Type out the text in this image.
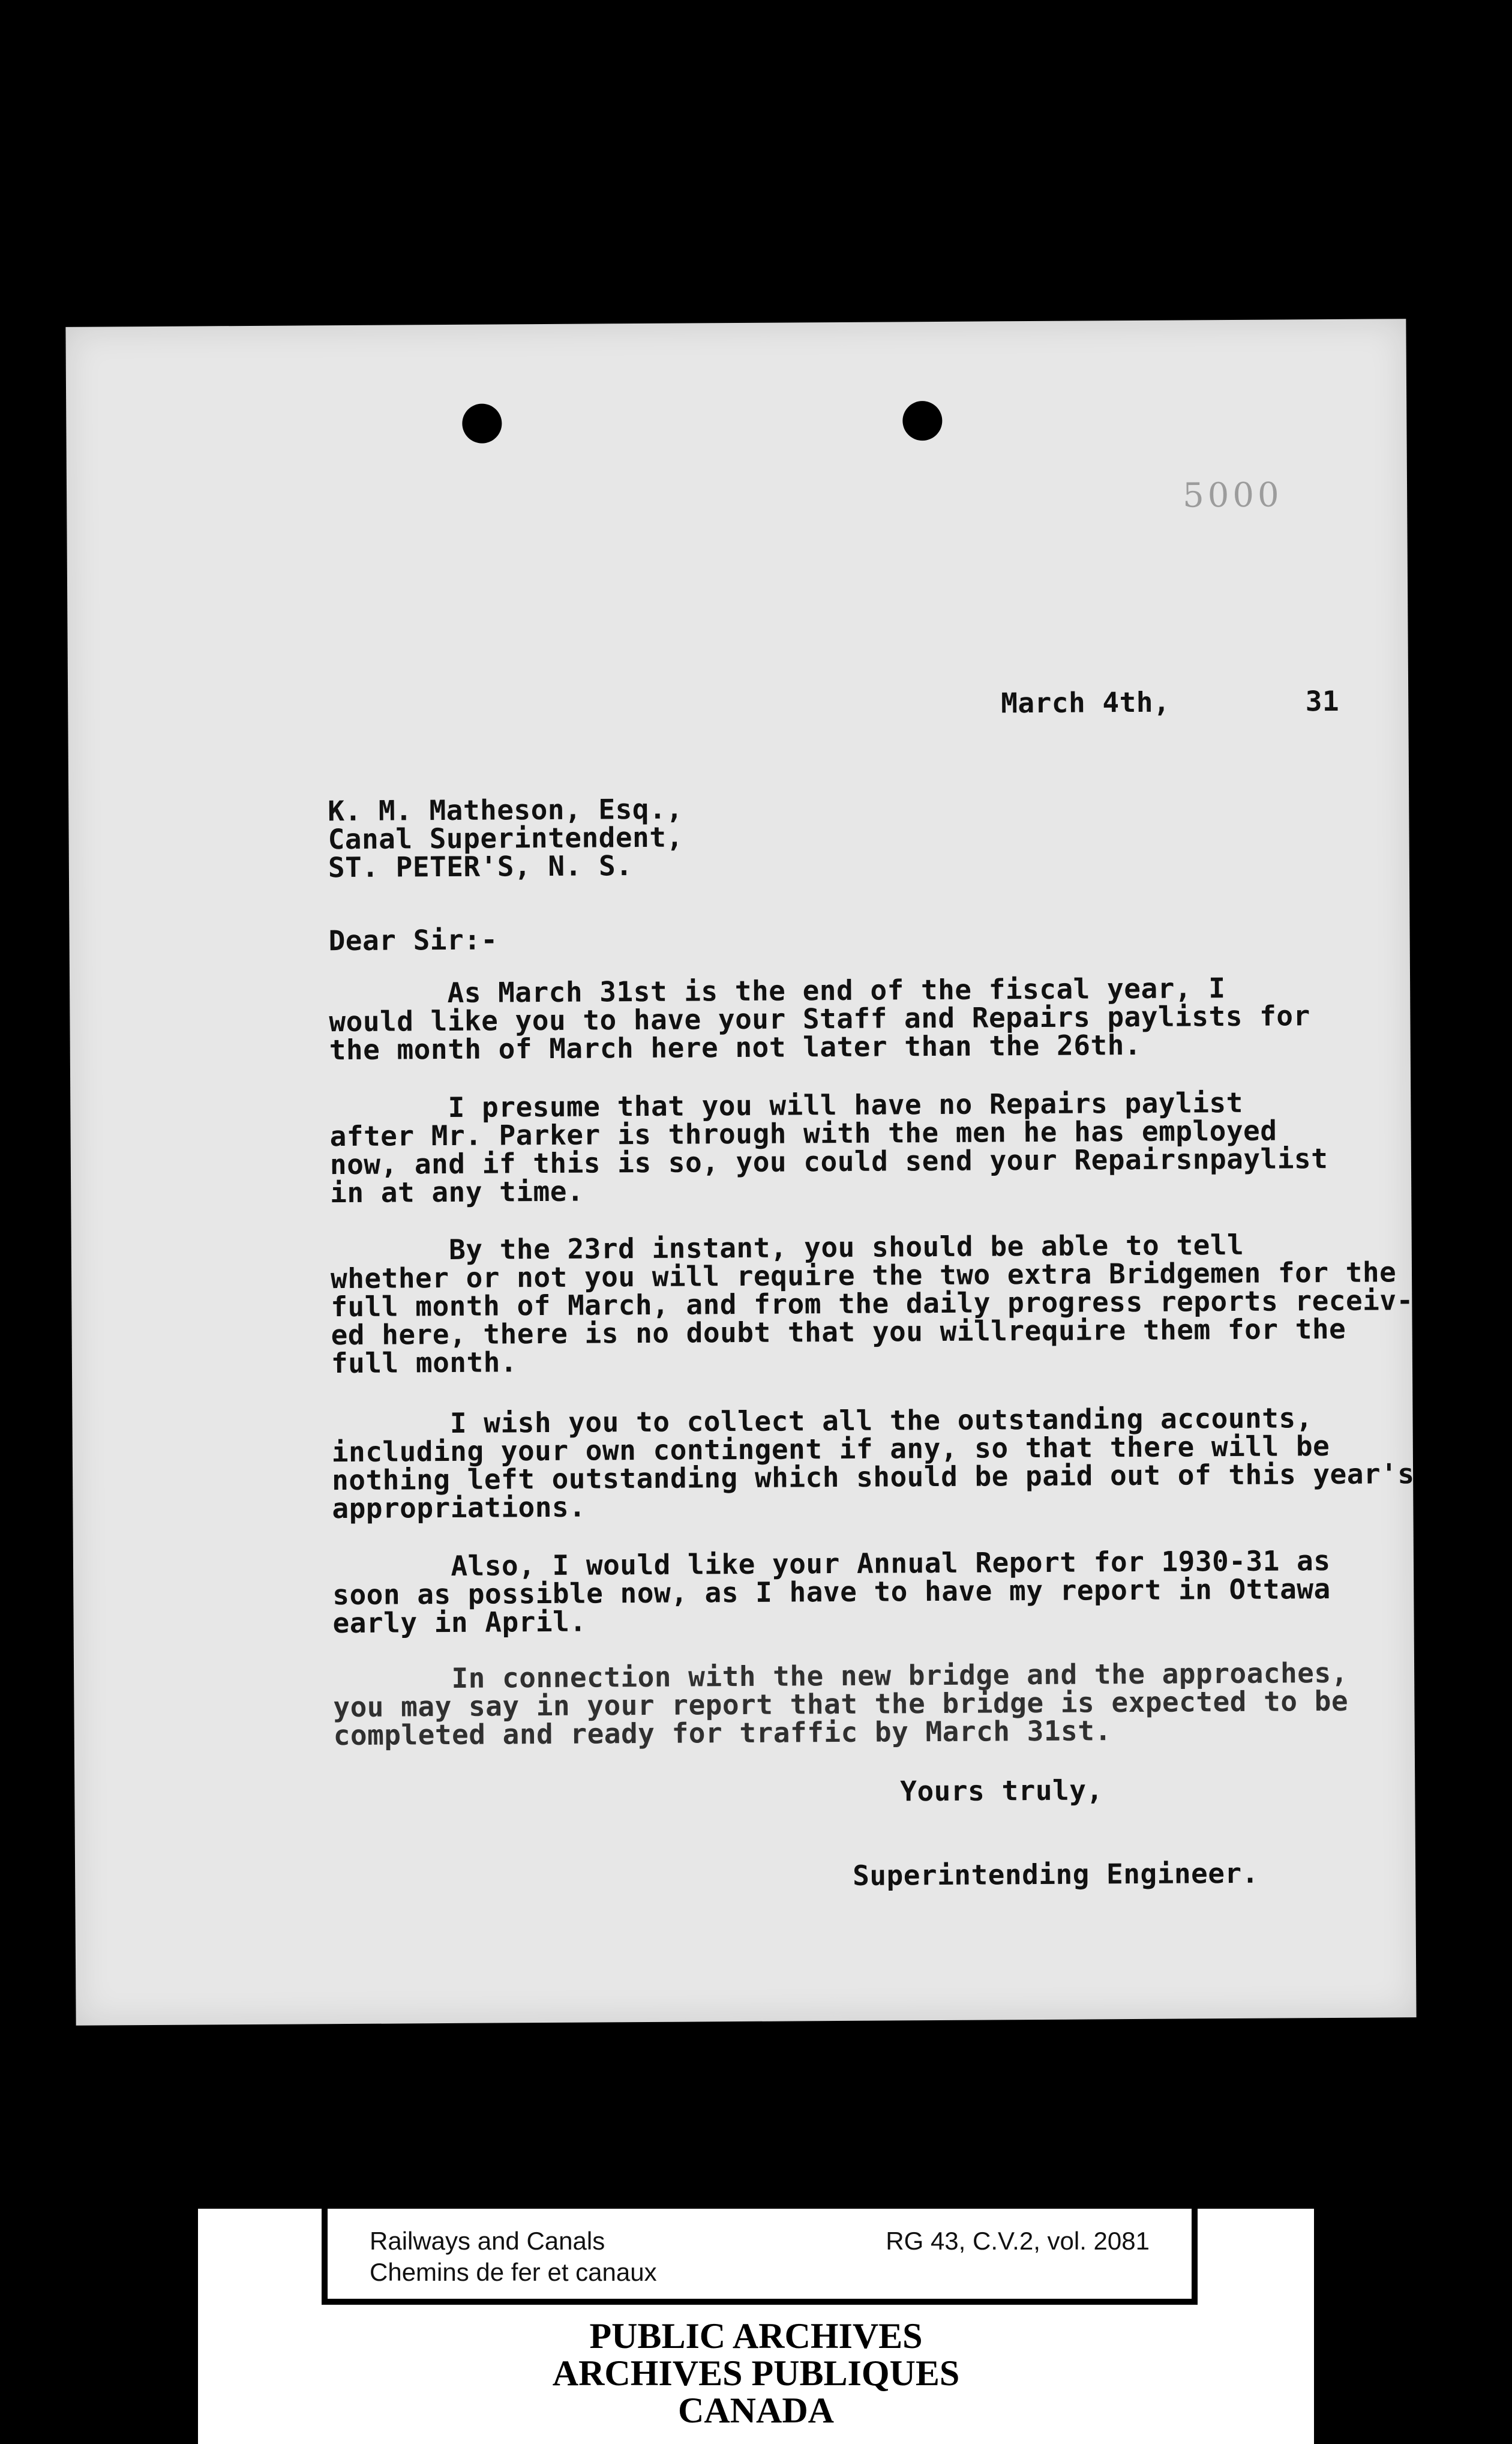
5000
March 4th,        31
K. M. Matheson, Esq.,
Canal Superintendent,
ST. PETER'S, N. S.
Dear Sir:-
As March 31st is the end of the fiscal year, I
would like you to have your Staff and Repairs paylists for
the month of March here not later than the 26th.
I presume that you will have no Repairs paylist
after Mr. Parker is through with the men he has employed
now, and if this is so, you could send your Repairsnpaylist
in at any time.
By the 23rd instant, you should be able to tell
whether or not you will require the two extra Bridgemen for the
full month of March, and from the daily progress reports receiv-
ed here, there is no doubt that you willrequire them for the
full month.
I wish you to collect all the outstanding accounts,
including your own contingent if any, so that there will be
nothing left outstanding which should be paid out of this year's
appropriations.
Also, I would like your Annual Report for 1930-31 as
soon as possible now, as I have to have my report in Ottawa
early in April.
In connection with the new bridge and the approaches,
you may say in your report that the bridge is expected to be
completed and ready for traffic by March 31st.
Yours truly,
Superintending Engineer.
Railways and Canals
Chemins de fer et canaux
RG 43, C.V.2, vol. 2081
PUBLIC ARCHIVES
ARCHIVES PUBLIQUES
CANADA
